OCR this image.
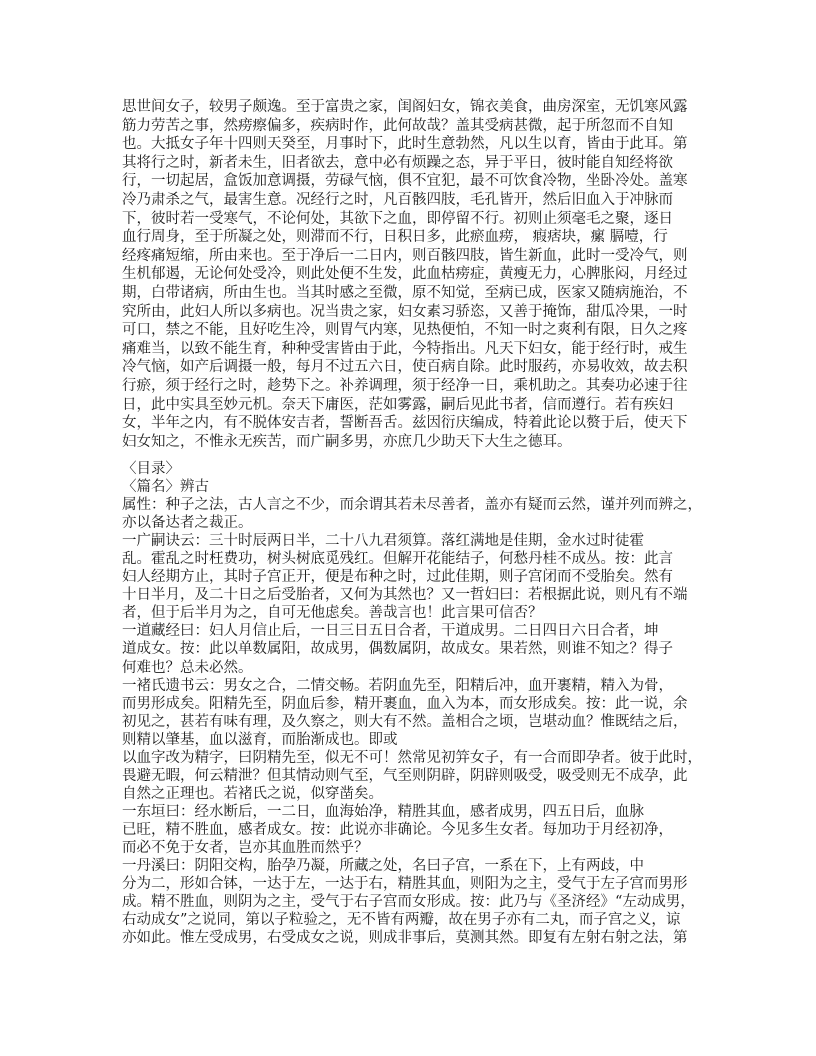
思世间女子，较男子颇逸。至于富贵之家，闺阁妇女，锦衣美食，曲房深室，无饥寒风露
筋力劳苦之事，然痨瘵偏多，疾病时作，此何故哉？盖其受病甚微，起于所忽而不自知
也。大抵女子年十四则天癸至，月事时下，此时生意勃然，凡以生以育，皆由于此耳。第
其将行之时，新者未生，旧者欲去，意中必有烦躁之态，异于平日，彼时能自知经将欲
行，一切起居，盒饭加意调摄，劳碌气恼，俱不宜犯，最不可饮食冷物，坐卧冷处。盖寒
冷乃肃杀之气，最害生意。况经行之时，凡百骸四肢，毛孔皆开，然后旧血入于冲脉而
下，彼时若一受寒气，不论何处，其欲下之血，即停留不行。初则止须毫毛之聚，逐日
血行周身，至于所凝之处，则滞而不行，日积日多，此瘀血痨， 瘕痞块，瘰 膈噎，行
经疼痛短缩，所由来也。至于净后一二日内，则百骸四肢，皆生新血，此时一受冷气，则
生机郁遏，无论何处受冷，则此处便不生发，此血枯痨症，黄瘦无力，心脾胀闷，月经过
期，白带诸病，所由生也。当其时感之至微，原不知觉，至病已成，医家又随病施治，不
究所由，此妇人所以多病也。况当贵之家，妇女素习骄恣，又善于掩饰，甜瓜冷果，一时
可口，禁之不能，且好吃生冷，则胃气内寒，见热便怕，不知一时之爽利有限，日久之疼
痛难当，以致不能生育，种种受害皆由于此，今特指出。凡天下妇女，能于经行时，戒生
冷气恼，如产后调摄一般，每月不过五六日，使百病自除。此时服药，亦易收效，故去积
行瘀，须于经行之时，趁势下之。补养调理，须于经净一日，乘机助之。其奏功必速于往
日，此中实具至妙元机。奈天下庸医，茫如雾露，嗣后见此书者，信而遵行。若有疾妇
女，半年之内，有不脱体安吉者，誓断吾舌。兹因衍庆编成，特着此论以赘于后，使天下
妇女知之，不惟永无疾苦，而广嗣多男，亦庶几少助天下大生之德耳。
〈目录〉
〈篇名〉辨古
属性：种子之法，古人言之不少，而余谓其若未尽善者，盖亦有疑而云然，谨并列而辨之，
亦以备达者之裁正。
一广嗣诀云：三十时辰两日半，二十八九君须算。落红满地是佳期，金水过时徒霍
乱。霍乱之时枉费功，树头树底觅残红。但解开花能结子，何愁丹桂不成丛。按：此言
妇人经期方止，其时子宫正开，便是布种之时，过此佳期，则子宫闭而不受胎矣。然有
十日半月，及二十日之后受胎者，又何为其然也？又一哲妇曰：若根据此说，则凡有不端
者，但于后半月为之，自可无他虑矣。善哉言也！此言果可信否？
一道藏经曰：妇人月信止后，一日三日五日合者，干道成男。二日四日六日合者，坤
道成女。按：此以单数属阳，故成男，偶数属阴，故成女。果若然，则谁不知之？得子
何难也？总未必然。
一褚氏遗书云：男女之合，二情交畅。若阴血先至，阳精后冲，血开裹精，精入为骨，
而男形成矣。阳精先至，阴血后参，精开裹血，血入为本，而女形成矣。按：此一说，余
初见之，甚若有味有理，及久察之，则大有不然。盖相合之顷，岂堪动血？惟既结之后，
则精以肇基，血以滋育，而胎渐成也。即或
以血字改为精字，曰阴精先至，似无不可！然常见初笄女子，有一合而即孕者。彼于此时，
畏避无暇，何云精泄？但其情动则气至，气至则阴辟，阴辟则吸受，吸受则无不成孕，此
自然之正理也。若褚氏之说，似穿凿矣。
一东垣曰：经水断后，一二日，血海始净，精胜其血，感者成男，四五日后，血脉
已旺，精不胜血，感者成女。按：此说亦非确论。今见多生女者。每加功于月经初净，
而必不免于女者，岂亦其血胜而然乎？
一丹溪曰：阴阳交构，胎孕乃凝，所藏之处，名曰子宫，一系在下，上有两歧，中
分为二，形如合钵，一达于左，一达于右，精胜其血，则阳为之主，受气于左子宫而男形
成。精不胜血，则阴为之主，受气于右子宫而女形成。按：此乃与《圣济经》“左动成男，
右动成女”之说同，第以子粒验之，无不皆有两瓣，故在男子亦有二丸，而子宫之义，谅
亦如此。惟左受成男，右受成女之说，则成非事后，莫测其然。即复有左射右射之法，第
